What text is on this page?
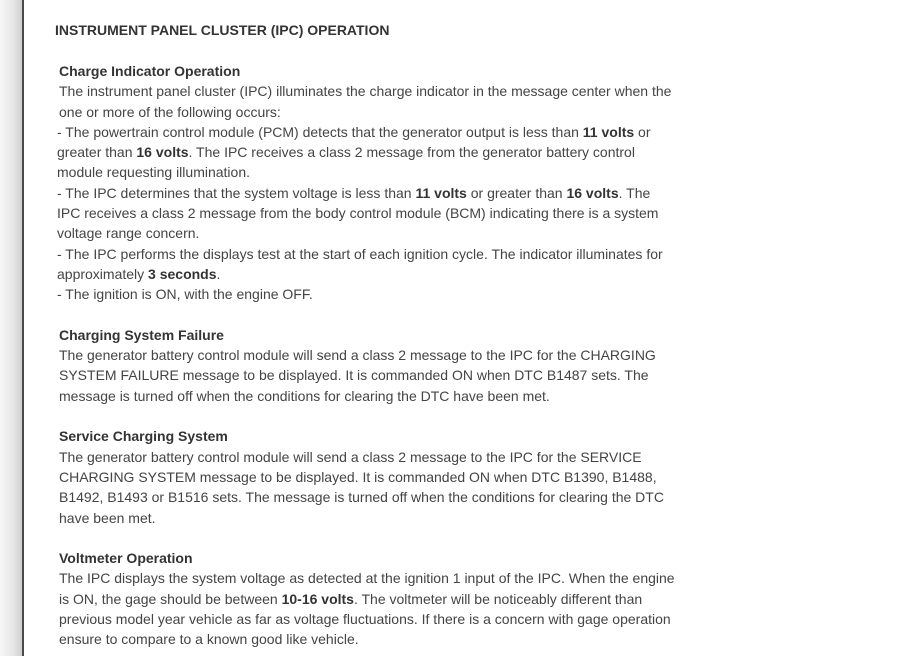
INSTRUMENT PANEL CLUSTER (IPC) OPERATION

Charge Indicator Operation

The instrument panel cluster (IPC) illuminates the charge indicator in the message center when the one or more of the following occurs:

- The powertrain control module (PCM) detects that the generator output is less than 11 volts or greater than 16 volts. The IPC receives a class 2 message from the generator battery control module requesting illumination.

- The IPC determines that the system voltage is less than 11 volts or greater than 16 volts. The IPC receives a class 2 message from the body control module (BCM) indicating there is a system voltage range concern.

- The IPC performs the displays test at the start of each ignition cycle. The indicator illuminates for approximately 3 seconds.

- The ignition is ON, with the engine OFF.

Charging System Failure

The generator battery control module will send a class 2 message to the IPC for the CHARGING SYSTEM FAILURE message to be displayed. It is commanded ON when DTC B1487 sets. The message is turned off when the conditions for clearing the DTC have been met.

Service Charging System

The generator battery control module will send a class 2 message to the IPC for the SERVICE CHARGING SYSTEM message to be displayed. It is commanded ON when DTC B1390, B1488, B1492, B1493 or B1516 sets. The message is turned off when the conditions for clearing the DTC have been met.

Voltmeter Operation

The IPC displays the system voltage as detected at the ignition 1 input of the IPC. When the engine is ON, the gage should be between 10-16 volts. The voltmeter will be noticeably different than previous model year vehicle as far as voltage fluctuations. If there is a concern with gage operation ensure to compare to a known good like vehicle.
